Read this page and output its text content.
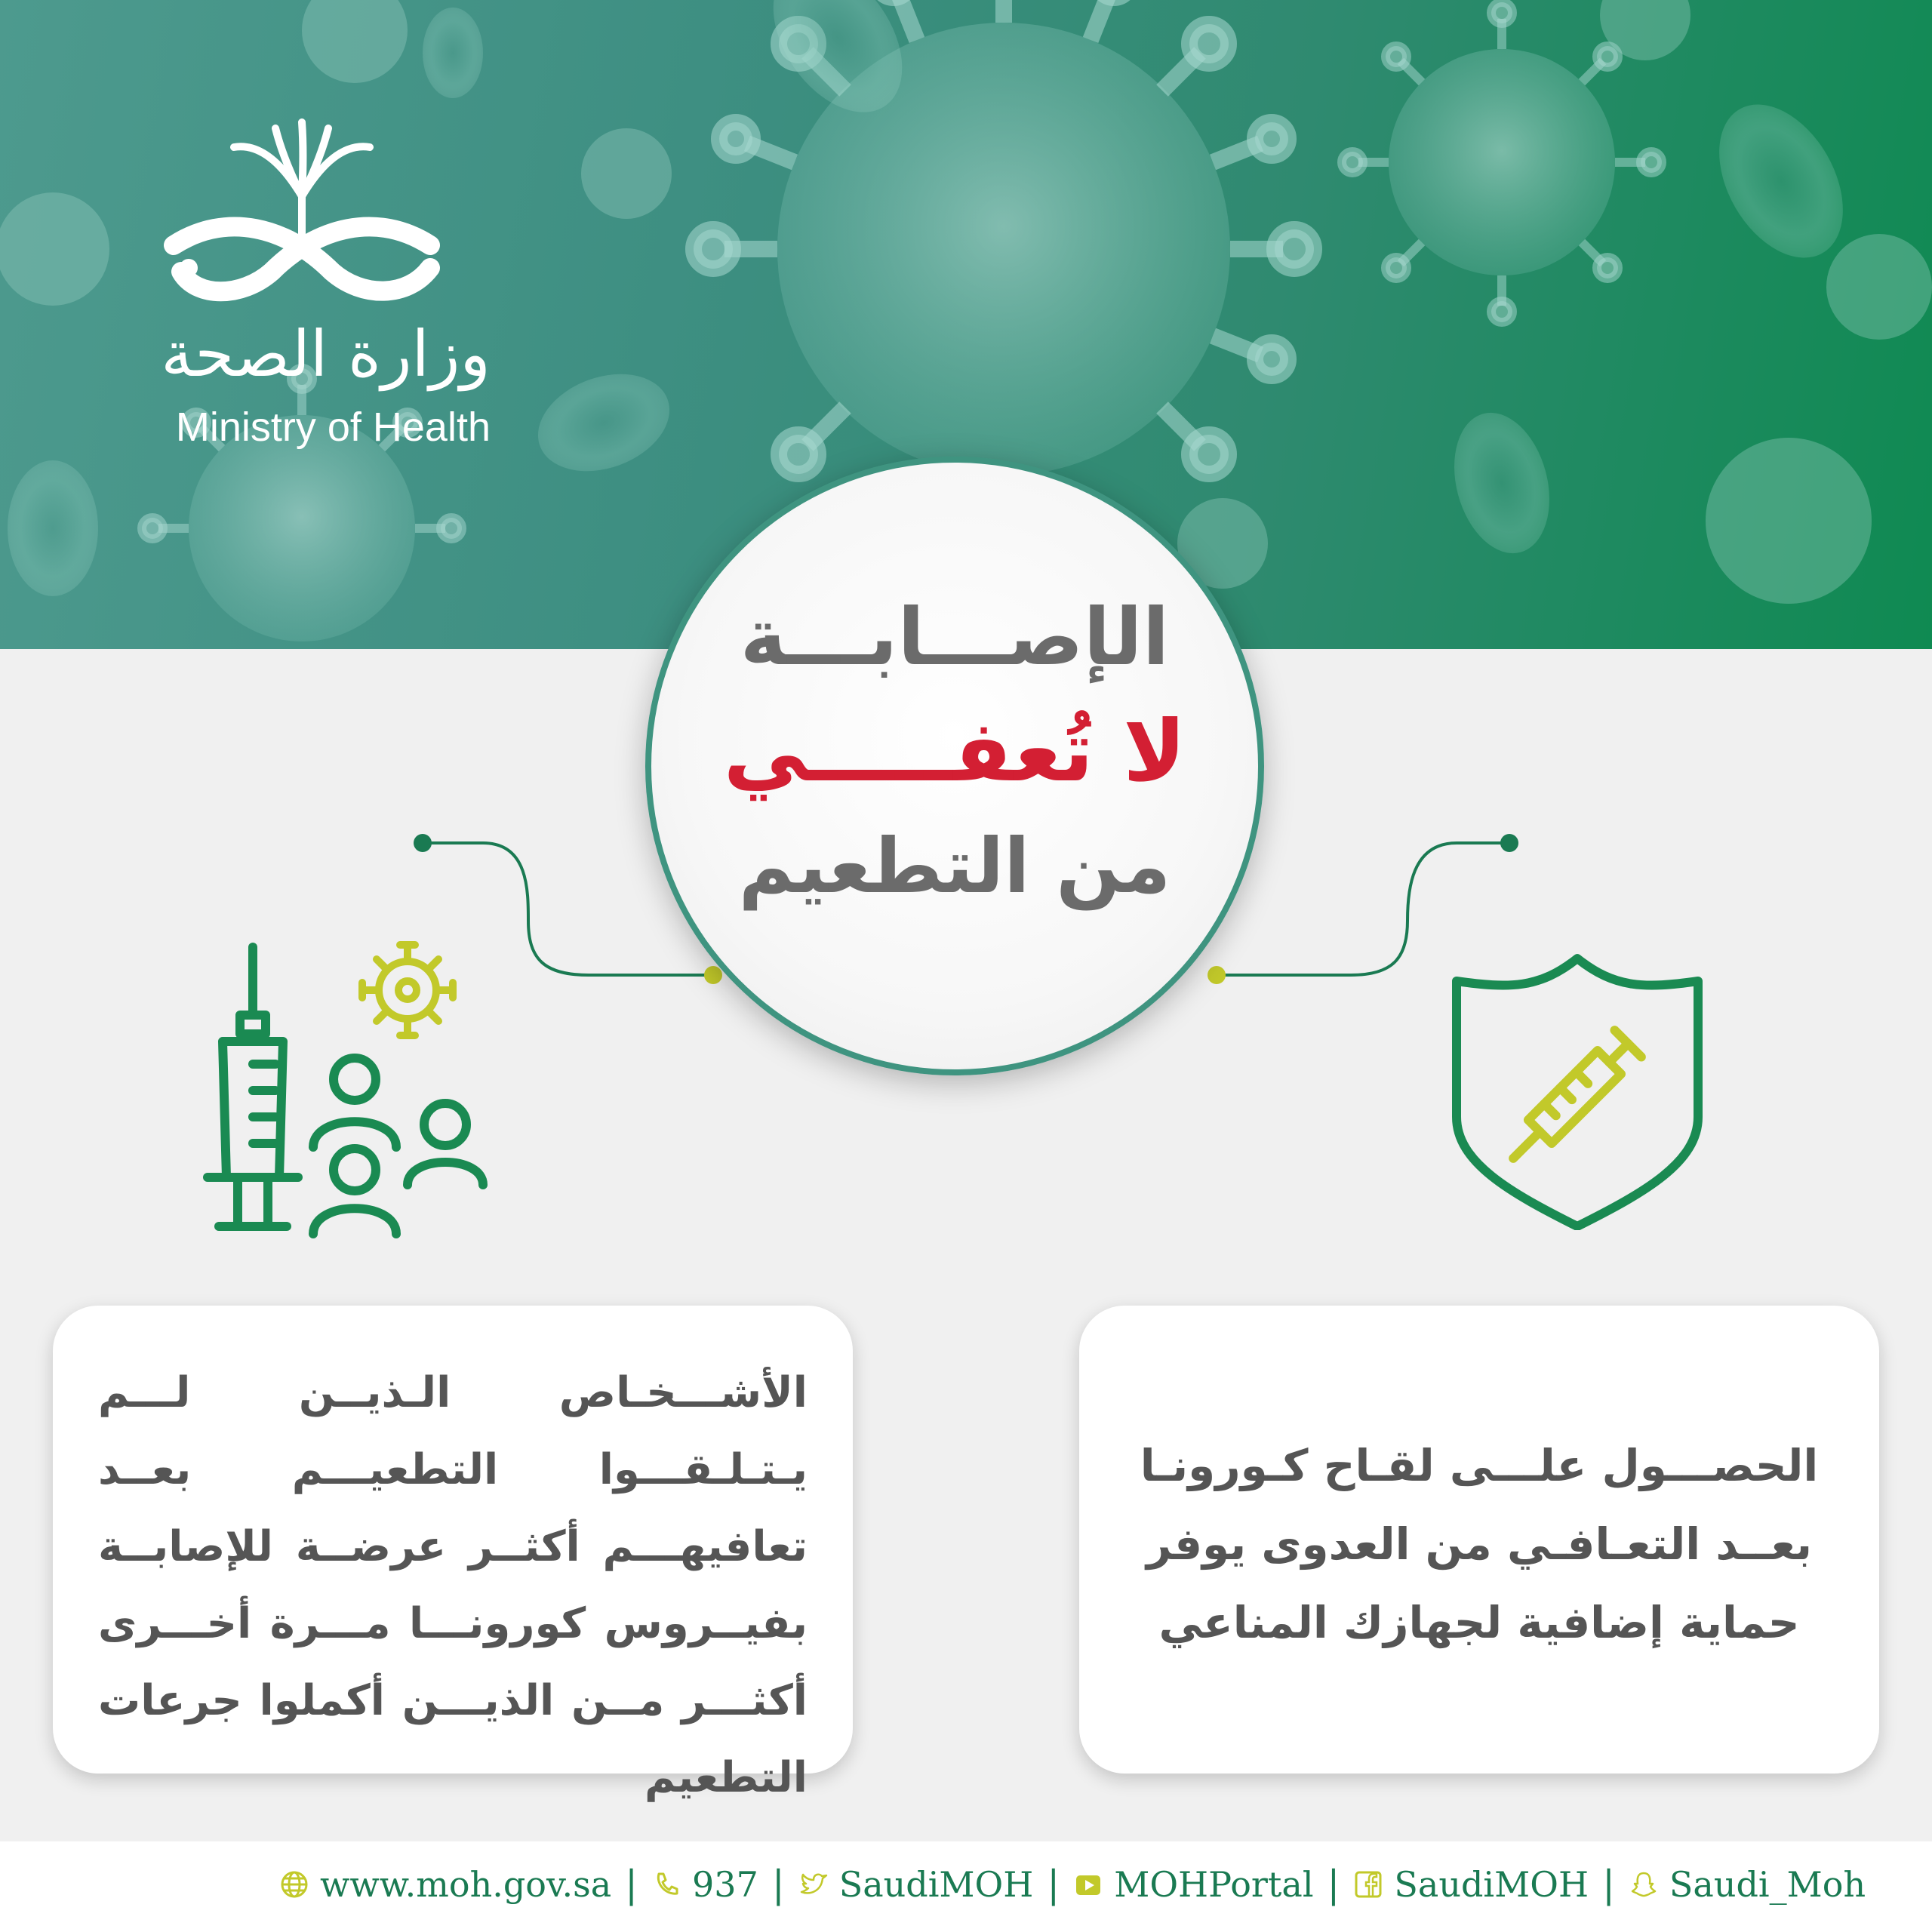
وزارة الصحة
Ministry of Health
الإصـــابـــة
لا تُعفـــــي
من التطعيم
الأشـــخـاص الـذيــن لـــم يـتـلـقـــوا التطعيـــم بعــد تعافيهـــم أكثــر عرضــة للإصابــة بفيــروس كورونـــا مـــرة أخـــرى أكثـــر مــن الذيـــن أكملوا جرعات التطعيم
الحصـــول علـــى لقـاح كـورونـا
بعــد التعـافـي من العدوى يوفر
حماية إضافية لجهازك المناعي
www.moh.gov.sa | 937 | SaudiMOH | MOHPortal | SaudiMOH | Saudi_Moh
